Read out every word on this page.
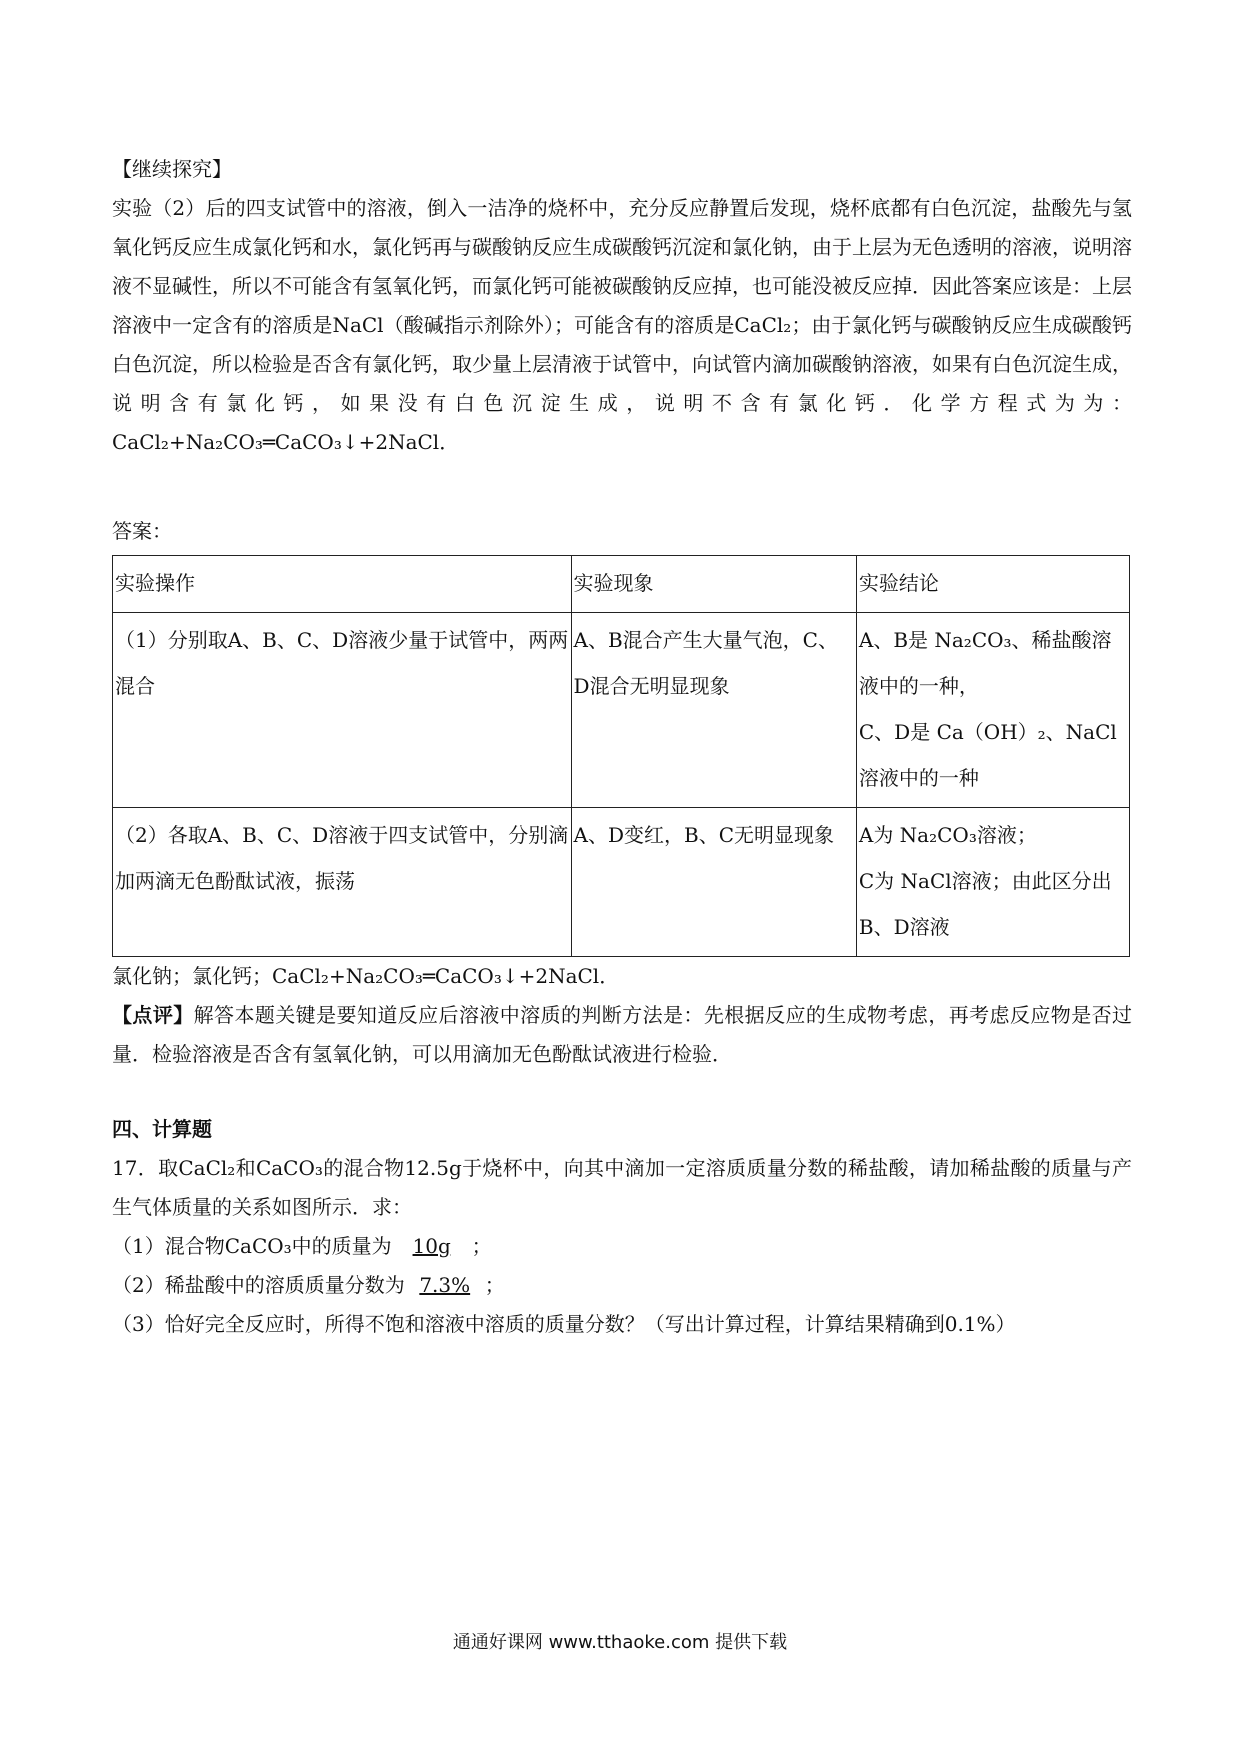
【继续探究】

实验（2）后的四支试管中的溶液，倒入一洁净的烧杯中，充分反应静置后发现，烧杯底都有白色沉淀，盐酸先与氢氧化钙反应生成氯化钙和水，氯化钙再与碳酸钠反应生成碳酸钙沉淀和氯化钠，由于上层为无色透明的溶液，说明溶液不显碱性，所以不可能含有氢氧化钙，而氯化钙可能被碳酸钠反应掉，也可能没被反应掉．因此答案应该是：上层溶液中一定含有的溶质是NaCl（酸碱指示剂除外）；可能含有的溶质是CaCl₂；由于氯化钙与碳酸钠反应生成碳酸钙白色沉淀，所以检验是否含有氯化钙，取少量上层清液于试管中，向试管内滴加碳酸钠溶液，如果有白色沉淀生成，说明含有氯化钙，如果没有白色沉淀生成，说明不含有氯化钙．化学方程式为为：CaCl₂+Na₂CO₃═CaCO₃↓+2NaCl．

答案：

实验操作	实验现象	实验结论
（1）分别取A、B、C、D溶液少量于试管中，两两混合	A、B混合产生大量气泡，C、D混合无明显现象	A、B是 Na₂CO₃、稀盐酸溶液中的一种，
C、D是 Ca（OH）₂、NaCl溶液中的一种

（2）各取A、B、C、D溶液于四支试管中，分别滴加两滴无色酚酞试液，振荡	A、D变红，B、C无明显现象	A为 Na₂CO₃溶液；
C为 NaCl溶液；由此区分出B、D溶液

氯化钠；氯化钙；CaCl₂+Na₂CO₃═CaCO₃↓+2NaCl．

【点评】解答本题关键是要知道反应后溶液中溶质的判断方法是：先根据反应的生成物考虑，再考虑反应物是否过量．检验溶液是否含有氢氧化钠，可以用滴加无色酚酞试液进行检验．

四、计算题

17．取CaCl₂和CaCO₃的混合物12.5g于烧杯中，向其中滴加一定溶质质量分数的稀盐酸，请加稀盐酸的质量与产生气体质量的关系如图所示．求：

（1）混合物CaCO₃中的质量为 10g ；

（2）稀盐酸中的溶质质量分数为 7.3% ；

（3）恰好完全反应时，所得不饱和溶液中溶质的质量分数？（写出计算过程，计算结果精确到0.1%）

通通好课网 www.tthaoke.com 提供下载
